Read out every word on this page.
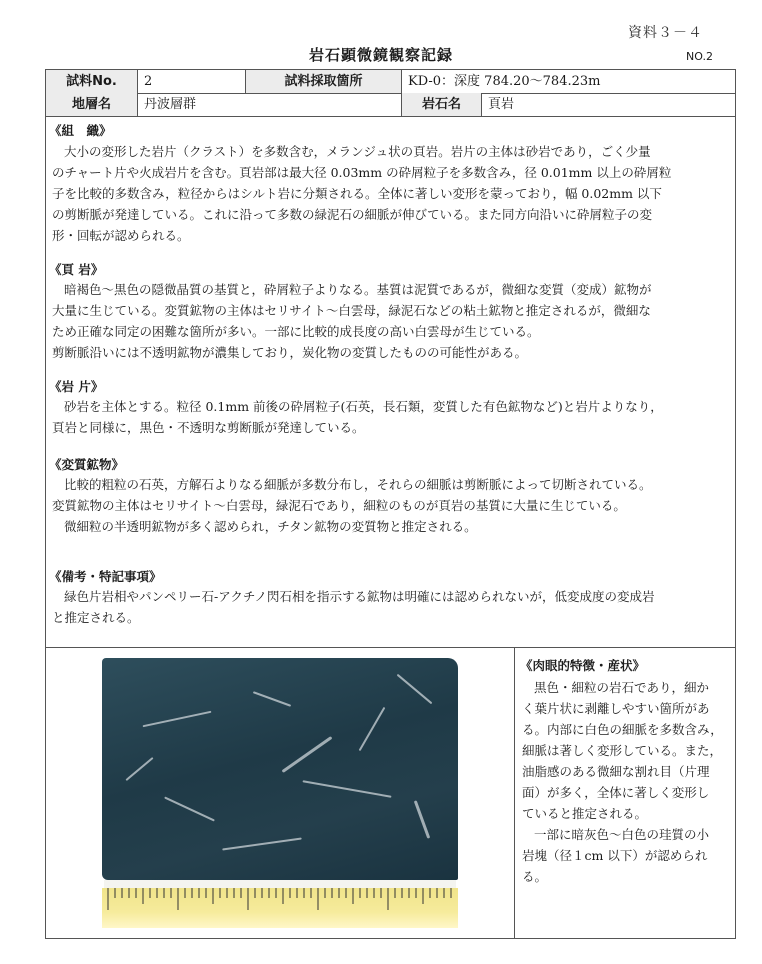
資料３－４
岩石顕微鏡観察記録	NO.2
試料No.	2	試料採取箇所	KD-0：深度 784.20～784.23m
地層名	丹波層群	岩石名	頁岩
《組　織》
大小の変形した岩片（クラスト）を多数含む，メランジュ状の頁岩。岩片の主体は砂岩であり，ごく少量
のチャート片や火成岩片を含む。頁岩部は最大径 0.03mm の砕屑粒子を多数含み，径 0.01mm 以上の砕屑粒
子を比較的多数含み，粒径からはシルト岩に分類される。全体に著しい変形を蒙っており，幅 0.02mm 以下
の剪断脈が発達している。これに沿って多数の緑泥石の細脈が伸びている。また同方向沿いに砕屑粒子の変
形・回転が認められる。
《頁 岩》
暗褐色～黒色の隠微晶質の基質と，砕屑粒子よりなる。基質は泥質であるが，微細な変質（変成）鉱物が
大量に生じている。変質鉱物の主体はセリサイト～白雲母，緑泥石などの粘土鉱物と推定されるが，微細な
ため正確な同定の困難な箇所が多い。一部に比較的成長度の高い白雲母が生じている。
剪断脈沿いには不透明鉱物が濃集しており，炭化物の変質したものの可能性がある。
《岩 片》
砂岩を主体とする。粒径 0.1mm 前後の砕屑粒子(石英，長石類，変質した有色鉱物など)と岩片よりなり，
頁岩と同様に，黒色・不透明な剪断脈が発達している。
《変質鉱物》
比較的粗粒の石英，方解石よりなる細脈が多数分布し，それらの細脈は剪断脈によって切断されている。
変質鉱物の主体はセリサイト～白雲母，緑泥石であり，細粒のものが頁岩の基質に大量に生じている。
微細粒の半透明鉱物が多く認められ，チタン鉱物の変質物と推定される。
《備考・特記事項》
緑色片岩相やパンペリー石-アクチノ閃石相を指示する鉱物は明確には認められないが，低変成度の変成岩
と推定される。
《肉眼的特徴・産状》
黒色・細粒の岩石であり，細か
く葉片状に剥離しやすい箇所があ
る。内部に白色の細脈を多数含み，
細脈は著しく変形している。また，
油脂感のある微細な割れ目（片理
面）が多く，全体に著しく変形し
ていると推定される。
一部に暗灰色～白色の珪質の小
岩塊（径１cm 以下）が認められ
る。
